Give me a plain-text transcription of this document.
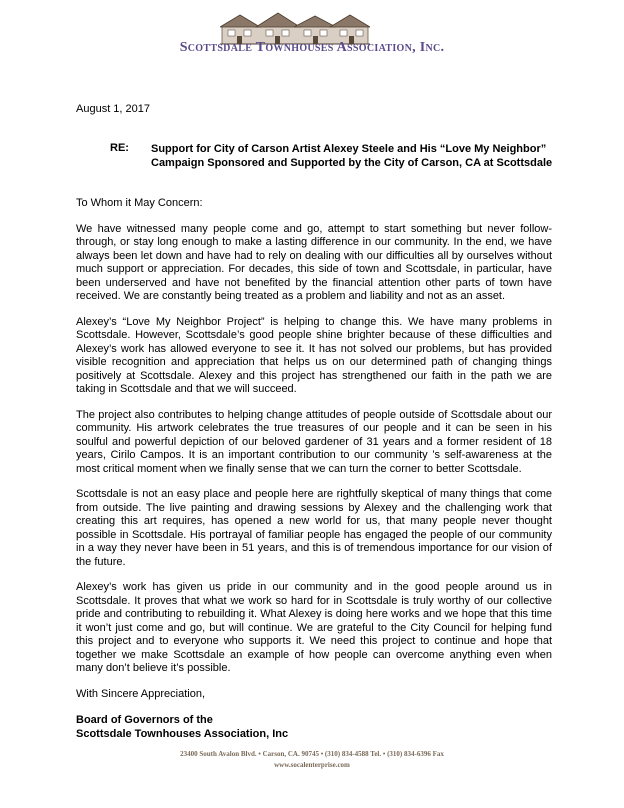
Scottsdale Townhouses Association, Inc.
August 1, 2017
RE: Support for City of Carson Artist Alexey Steele and His “Love My Neighbor” Campaign Sponsored and Supported by the City of Carson, CA at Scottsdale
To Whom it May Concern:

We have witnessed many people come and go, attempt to start something but never follow-through, or stay long enough to make a lasting difference in our community. In the end, we have always been let down and have had to rely on dealing with our difficulties all by ourselves without much support or appreciation. For decades, this side of town and Scottsdale, in particular, have been underserved and have not benefited by the financial attention other parts of town have received. We are constantly being treated as a problem and liability and not as an asset.

Alexey’s “Love My Neighbor Project” is helping to change this. We have many problems in Scottsdale. However, Scottsdale’s good people shine brighter because of these difficulties and Alexey’s work has allowed everyone to see it. It has not solved our problems, but has provided visible recognition and appreciation that helps us on our determined path of changing things positively at Scottsdale. Alexey and this project has strengthened our faith in the path we are taking in Scottsdale and that we will succeed.

The project also contributes to helping change attitudes of people outside of Scottsdale about our community. His artwork celebrates the true treasures of our people and it can be seen in his soulful and powerful depiction of our beloved gardener of 31 years and a former resident of 18 years, Cirilo Campos. It is an important contribution to our community ’s self-awareness at the most critical moment when we finally sense that we can turn the corner to better Scottsdale.

Scottsdale is not an easy place and people here are rightfully skeptical of many things that come from outside. The live painting and drawing sessions by Alexey and the challenging work that creating this art requires, has opened a new world for us, that many people never thought possible in Scottsdale. His portrayal of familiar people has engaged the people of our community in a way they never have been in 51 years, and this is of tremendous importance for our vision of the future.

Alexey’s work has given us pride in our community and in the good people around us in Scottsdale. It proves that what we work so hard for in Scottsdale is truly worthy of our collective pride and contributing to rebuilding it. What Alexey is doing here works and we hope that this time it won’t just come and go, but will continue. We are grateful to the City Council for helping fund this project and to everyone who supports it. We need this project to continue and hope that together we make Scottsdale an example of how people can overcome anything even when many don’t believe it’s possible.

With Sincere Appreciation,
Board of Governors of the
Scottsdale Townhouses Association, Inc
23400 South Avalon Blvd. • Carson, CA. 90745 • (310) 834-4588 Tel. • (310) 834-6396 Fax
www.socalenterprise.com
